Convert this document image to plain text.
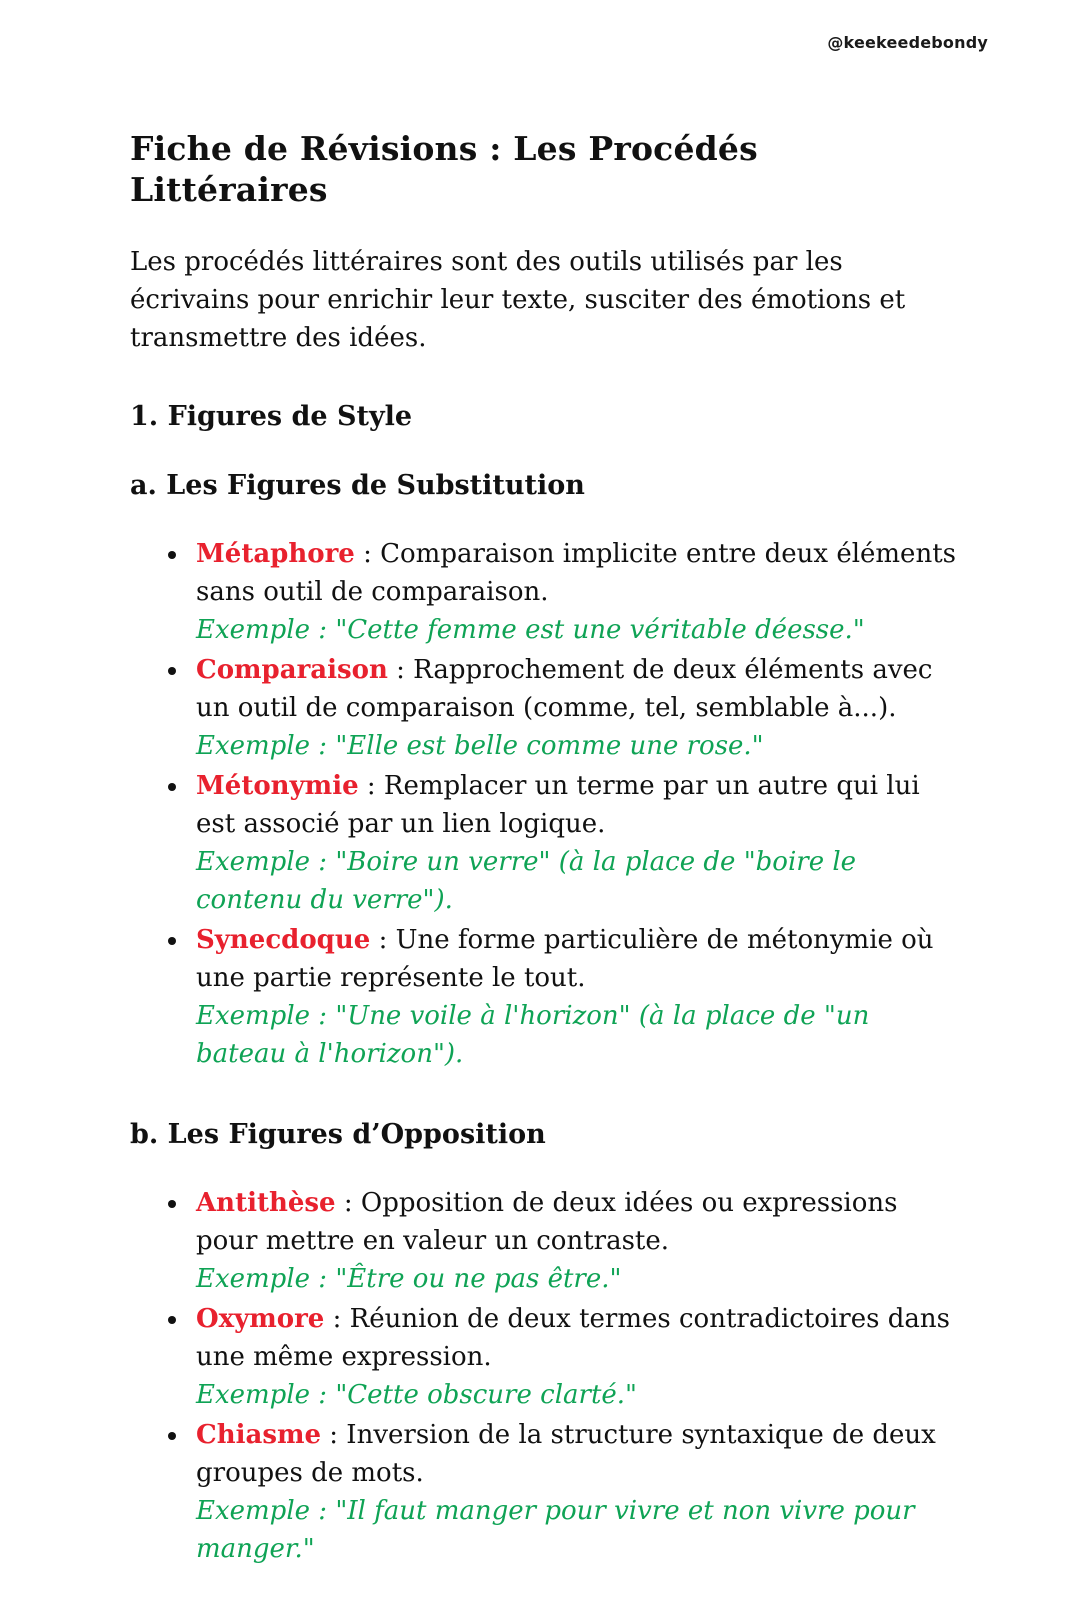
@keekeedebondy
Fiche de Révisions : Les Procédés Littéraires

Les procédés littéraires sont des outils utilisés par les écrivains pour enrichir leur texte, susciter des émotions et transmettre des idées.

1. Figures de Style
a. Les Figures de Substitution
Métaphore : Comparaison implicite entre deux éléments sans outil de comparaison.
Exemple : "Cette femme est une véritable déesse."
Comparaison : Rapprochement de deux éléments avec un outil de comparaison (comme, tel, semblable à...).
Exemple : "Elle est belle comme une rose."
Métonymie : Remplacer un terme par un autre qui lui est associé par un lien logique.
Exemple : "Boire un verre" (à la place de "boire le contenu du verre").
Synecdoque : Une forme particulière de métonymie où une partie représente le tout.
Exemple : "Une voile à l'horizon" (à la place de "un bateau à l'horizon").
b. Les Figures d’Opposition
Antithèse : Opposition de deux idées ou expressions pour mettre en valeur un contraste.
Exemple : "Être ou ne pas être."
Oxymore : Réunion de deux termes contradictoires dans une même expression.
Exemple : "Cette obscure clarté."
Chiasme : Inversion de la structure syntaxique de deux groupes de mots.
Exemple : "Il faut manger pour vivre et non vivre pour manger."
